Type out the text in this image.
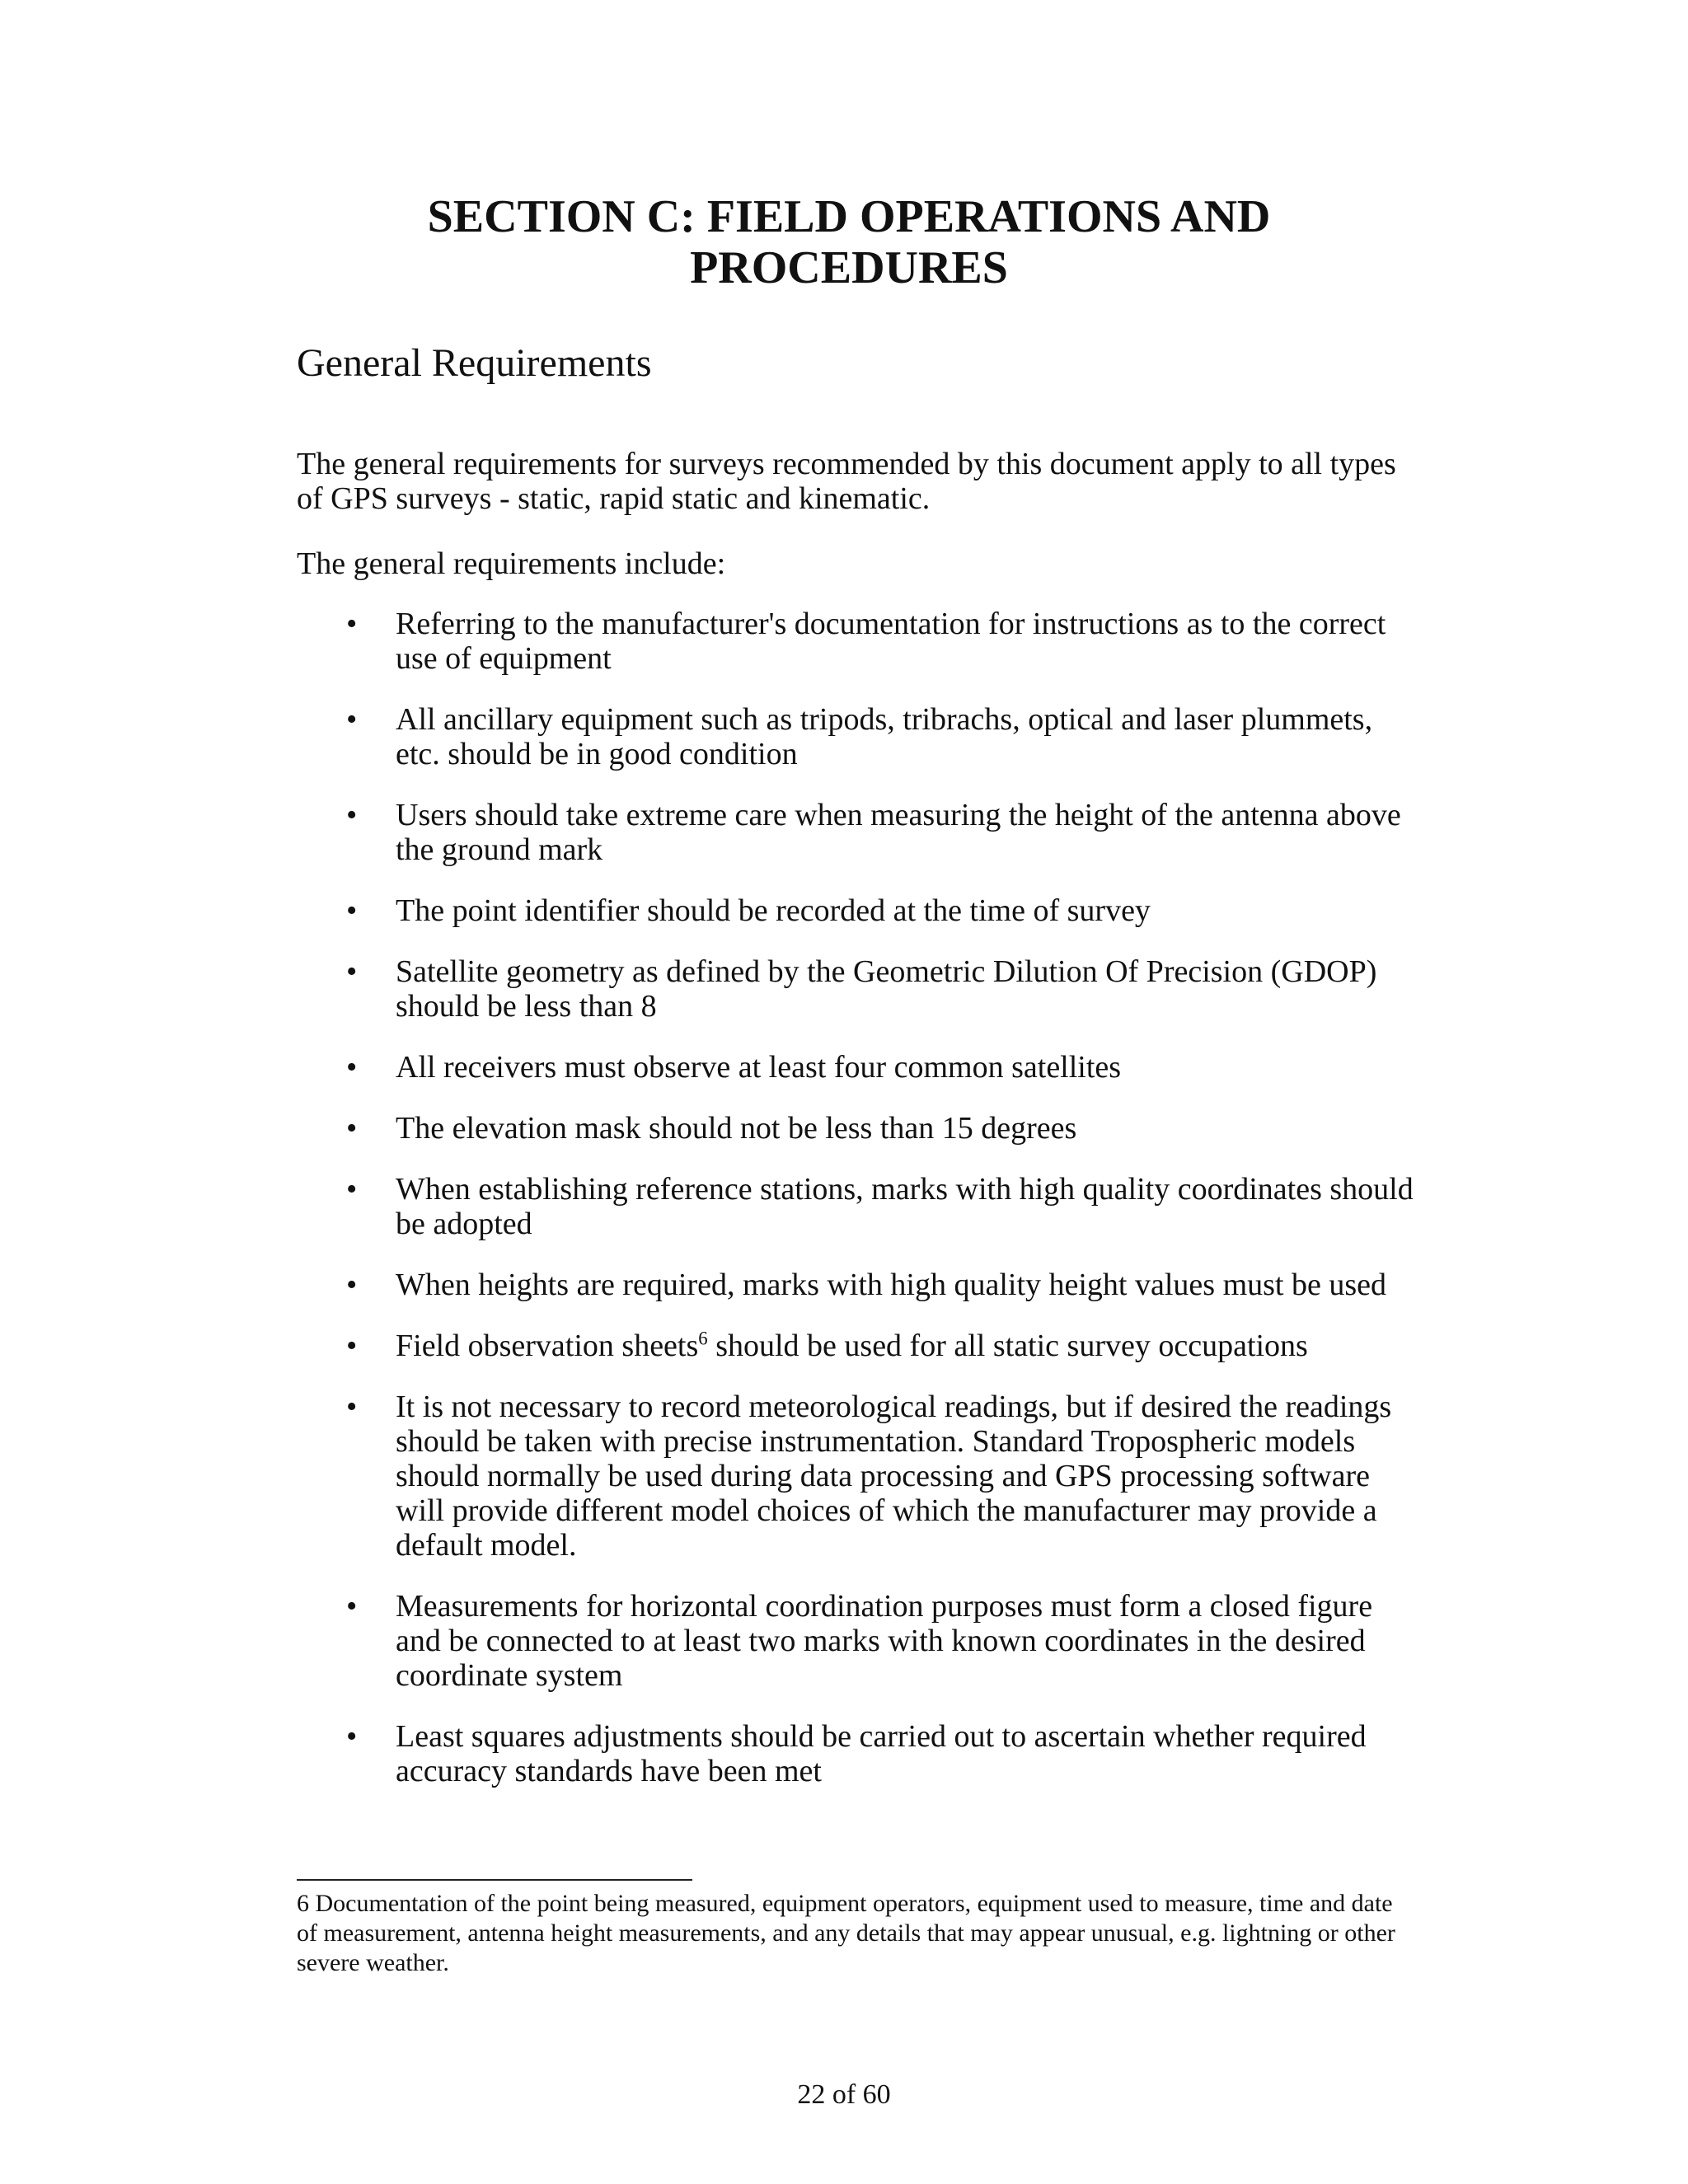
SECTION C: FIELD OPERATIONS AND
PROCEDURES
General Requirements

The general requirements for surveys recommended by this document apply to all types of GPS surveys - static, rapid static and kinematic.

The general requirements include:

• Referring to the manufacturer's documentation for instructions as to the correct use of equipment
• All ancillary equipment such as tripods, tribrachs, optical and laser plummets, etc. should be in good condition
• Users should take extreme care when measuring the height of the antenna above the ground mark
• The point identifier should be recorded at the time of survey
• Satellite geometry as defined by the Geometric Dilution Of Precision (GDOP) should be less than 8
• All receivers must observe at least four common satellites
• The elevation mask should not be less than 15 degrees
• When establishing reference stations, marks with high quality coordinates should be adopted
• When heights are required, marks with high quality height values must be used
• Field observation sheets$^6$ should be used for all static survey occupations
• It is not necessary to record meteorological readings, but if desired the readings should be taken with precise instrumentation. Standard Tropospheric models should normally be used during data processing and GPS processing software will provide different model choices of which the manufacturer may provide a default model.
• Measurements for horizontal coordination purposes must form a closed figure and be connected to at least two marks with known coordinates in the desired coordinate system
• Least squares adjustments should be carried out to ascertain whether required accuracy standards have been met

6 Documentation of the point being measured, equipment operators, equipment used to measure, time and date of measurement, antenna height measurements, and any details that may appear unusual, e.g. lightning or other severe weather.

22 of 60
